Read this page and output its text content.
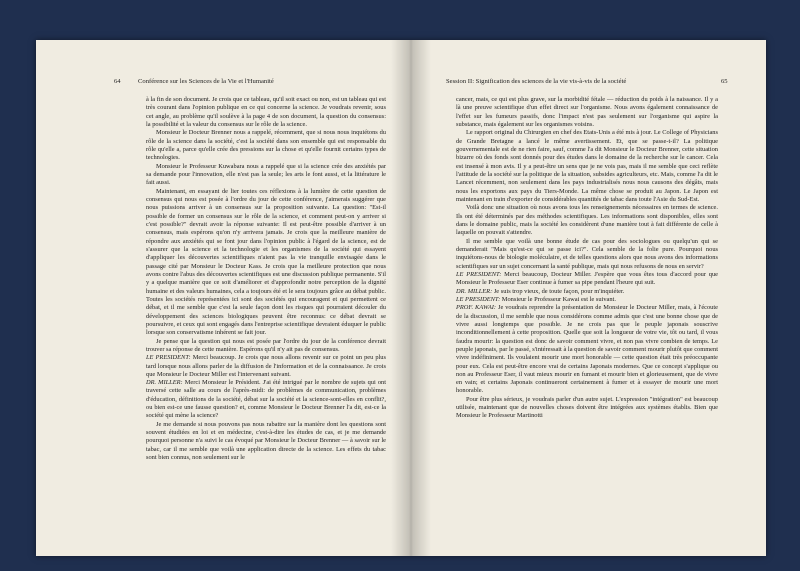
64	Conférence sur les Sciences de la Vie et l'Humanité

à la fin de son document. Je crois que ce tableau, qu'il soit exact ou non, est un tableau qui est très courant dans l'opinion publique en ce qui concerne la science. Je voudrais revenir, sous cet angle, au problème qu'il soulève à la page 4 de son document, la question du consensus: la possibilité et la valeur du consensus sur le rôle de la science.

Monsieur le Docteur Brenner nous a rappelé, récemment, que si nous nous inquiétons du rôle de la science dans la société, c'est la société dans son ensemble qui est responsable du rôle qu'elle a, parce qu'elle crée des pressions sur la chose et qu'elle fournit certains types de technologies.

Monsieur le Professeur Kuwabara nous a rappelé que si la science crée des anxiétés par sa demande pour l'innovation, elle n'est pas la seule; les arts le font aussi, et la littérature le fait aussi.

Maintenant, en essayant de lier toutes ces réflexions à la lumière de cette question de consensus qui nous est posée à l'ordre du jour de cette conférence, j'aimerais suggérer que nous puissions arriver à un consensus sur la proposition suivante. La question: "Est-il possible de former un consensus sur le rôle de la science, et comment peut-on y arriver si c'est possible?" devrait avoir la réponse suivante: Il est peut-être possible d'arriver à un consensus, mais espérons qu'on n'y arrivera jamais. Je crois que la meilleure manière de répondre aux anxiétés qui se font jour dans l'opinion public à l'égard de la science, est de s'assurer que la science et la technologie et les organismes de la société qui essayent d'appliquer les découvertes scientifiques n'aient pas la vie tranquille envisagée dans le passage cité par Monsieur le Docteur Kass. Je crois que la meilleure protection que nous avons contre l'abus des découvertes scientifiques est une discussion publique permanente. S'il y a quelque manière que ce soit d'améliorer et d'approfondir notre perception de la dignité humaine et des valeurs humaines, cela a toujours été et le sera toujours grâce au débat public. Toutes les sociétés représentées ici sont des sociétés qui encouragent et qui permettent ce débat, et il me semble que c'est la seule façon dont les risques qui pourraient découler du développement des sciences biologiques peuvent être reconnus: ce débat devrait se poursuivre, et ceux qui sont engagés dans l'entreprise scientifique devraient éduquer le public lorsque son conservatisme inhérent se fait jour.

Je pense que la question qui nous est posée par l'ordre du jour de la conférence devrait trouver sa réponse de cette manière. Espérons qu'il n'y ait pas de consensus.

LE PRESIDENT: Merci beaucoup. Je crois que nous allons revenir sur ce point un peu plus tard lorsque nous allons parler de la diffusion de l'information et de la connaissance. Je crois que Monsieur le Docteur Miller est l'intervenant suivant.

DR. MILLER: Merci Monsieur le Président. J'ai été intrigué par le nombre de sujets qui ont traversé cette salle au cours de l'après-midi: de problèmes de communication, problèmes d'éducation, définitions de la société, débat sur la société et la science-sont-elles en conflit?, ou bien est-ce une fausse question? et, comme Monsieur le Docteur Brenner l'a dit, est-ce la société qui mène la science?

Je me demande si nous pouvons pas nous rabattre sur la manière dont les questions sont souvent étudiées en loi et en médecine, c'est-à-dire les études de cas, et je me demande pourquoi personne n'a suivi le cas évoqué par Monsieur le Docteur Brenner — à savoir sur le tabac, car il me semble que voilà une application directe de la science. Les effets du tabac sont bien connus, non seulement sur le

Session II: Signification des sciences de la vie vis-à-vis de la société	65

cancer, mais, ce qui est plus grave, sur la morbidité fétale — réduction du poids à la naissance. Il y a là une preuve scientifique d'un effet direct sur l'organisme. Nous avons également connaissance de l'effet sur les fumeurs passifs, donc l'impact n'est pas seulement sur l'organisme qui aspire la substance, mais également sur les organismes voisins.

Le rapport original du Chirurgien en chef des Etats-Unis a été mis à jour. Le College of Physicians de Grande Bretagne a lancé le même avertissement. Et, que se passe-t-il? La politique gouvernementale est de ne rien faire, sauf, comme l'a dit Monsieur le Docteur Brenner, cette situation bizarre où des fonds sont donnés pour des études dans le domaine de la recherche sur le cancer. Cela est insensé à mon avis. Il y a peut-être un sens que je ne vois pas, mais il me semble que ceci reflète l'attitude de la société sur la politique de la situation, subsides agriculteurs, etc. Mais, comme l'a dit le Lancet récemment, non seulement dans les pays industrialisés nous nous causons des dégâts, mais nous les exportons aux pays du Tiers-Monde. La même chose se produit au Japon. Le Japon est maintenant en train d'exporter de considérables quantités de tabac dans toute l'Asie du Sud-Est.

Voilà donc une situation où nous avons tous les renseignements nécessaires en termes de science. Ils ont été déterminés par des méthodes scientifiques. Les informations sont disponibles, elles sont dans le domaine public, mais la société les considèrent d'une manière tout à fait différente de celle à laquelle on pouvait s'attendre.

Il me semble que voilà une bonne étude de cas pour des sociologues ou quelqu'un qui se demanderait "Mais qu'est-ce qui se passe ici?". Cela semble de la folie pure. Pourquoi nous inquiétons-nous de biologie moléculaire, et de telles questions alors que nous avons des informations scientifiques sur un sujet concernant la santé publique, mais qui nous refusons de nous en servir?

LE PRESIDENT: Merci beaucoup, Docteur Miller. J'espère que vous êtes tous d'accord pour que Monsieur le Professeur Eser continue à fumer sa pipe pendant l'heure qui suit.

DR. MILLER: Je suis trop vieux, de toute façon, pour m'inquiéter.

LE PRESIDENT: Monsieur le Professeur Kawai est le suivant.

PROF. KAWAI: Je voudrais reprendre la présentation de Monsieur le Docteur Miller, mais, à l'écoute de la discussion, il me semble que nous considérons comme admis que c'est une bonne chose que de vivre aussi longtemps que possible. Je ne crois pas que le peuple japonais souscrive inconditionnellement à cette proposition. Quelle que soit la longueur de votre vie, tôt ou tard, il vous faudra mourir: la question est donc de savoir comment vivre, et non pas vivre combien de temps. Le peuple japonais, par le passé, s'intéressait à la question de savoir comment mourir plutôt que comment vivre indéfiniment. Ils voulaient mourir une mort honorable — cette question était très préoccupante pour eux. Cela est peut-être encore vrai de certains Japonais modernes. Que ce concept s'applique ou non au Professeur Eser, il vaut mieux mourir en fumant et mourir bien et glorieusement, que de vivre en vain; et certains Japonais continueront certainement à fumer et à essayer de mourir une mort honorable.

Pour être plus sérieux, je voudrais parler d'un autre sujet. L'expression "intégration" est beaucoup utilisée, maintenant que de nouvelles choses doivent être intégrées aux systèmes établis. Bien que Monsieur le Professeur Martinotti
